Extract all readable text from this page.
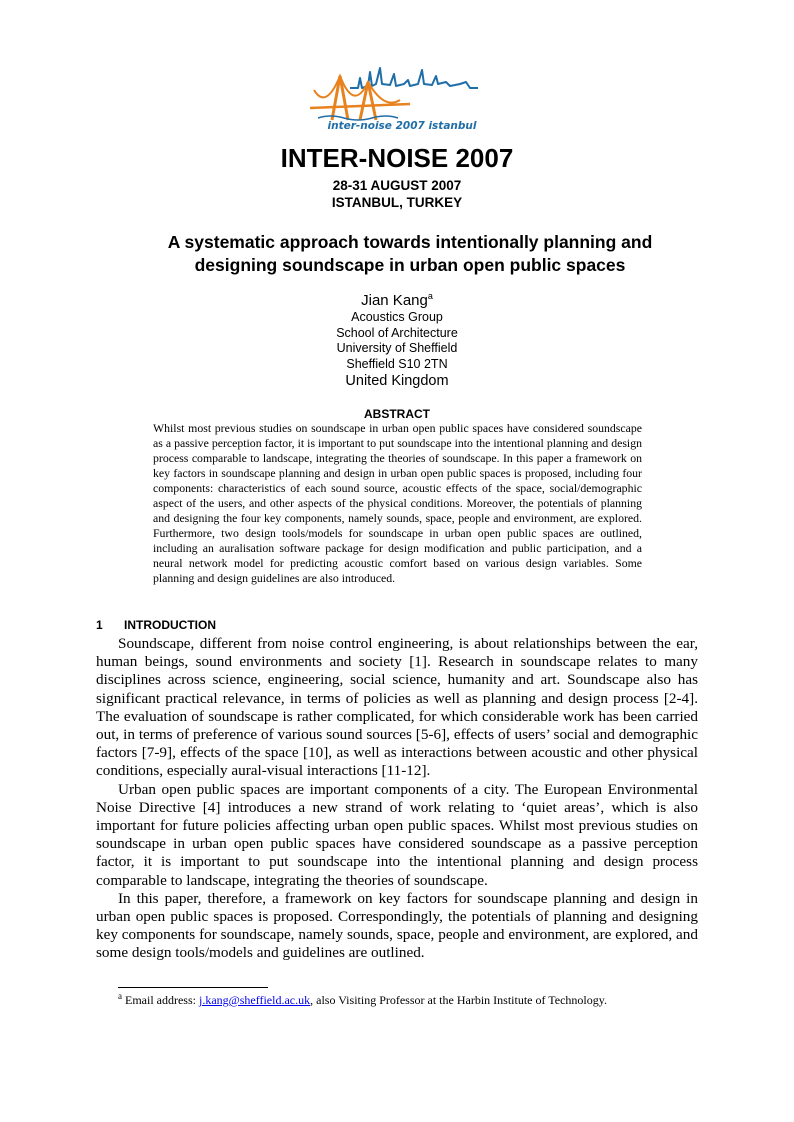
inter-noise 2007 istanbul
INTER-NOISE 2007
28-31 AUGUST 2007
ISTANBUL, TURKEY
A systematic approach towards intentionally planning and
designing soundscape in urban open public spaces
Jian Kang$^a$
Acoustics Group
School of Architecture
University of Sheffield
Sheffield S10 2TN
United Kingdom
ABSTRACT
Whilst most previous studies on soundscape in urban open public spaces have considered soundscape as a passive perception factor, it is important to put soundscape into the intentional planning and design process comparable to landscape, integrating the theories of soundscape. In this paper a framework on key factors in soundscape planning and design in urban open public spaces is proposed, including four components: characteristics of each sound source, acoustic effects of the space, social/demographic aspect of the users, and other aspects of the physical conditions. Moreover, the potentials of planning and designing the four key components, namely sounds, space, people and environment, are explored. Furthermore, two design tools/models for soundscape in urban open public spaces are outlined, including an auralisation software package for design modification and public participation, and a neural network model for predicting acoustic comfort based on various design variables. Some planning and design guidelines are also introduced.
1 INTRODUCTION

Soundscape, different from noise control engineering, is about relationships between the ear, human beings, sound environments and society [1]. Research in soundscape relates to many disciplines across science, engineering, social science, humanity and art. Soundscape also has significant practical relevance, in terms of policies as well as planning and design process [2-4]. The evaluation of soundscape is rather complicated, for which considerable work has been carried out, in terms of preference of various sound sources [5-6], effects of users’ social and demographic factors [7-9], effects of the space [10], as well as interactions between acoustic and other physical conditions, especially aural-visual interactions [11-12].

Urban open public spaces are important components of a city. The European Environmental Noise Directive [4] introduces a new strand of work relating to ‘quiet areas’, which is also important for future policies affecting urban open public spaces. Whilst most previous studies on soundscape in urban open public spaces have considered soundscape as a passive perception factor, it is important to put soundscape into the intentional planning and design process comparable to landscape, integrating the theories of soundscape.

In this paper, therefore, a framework on key factors for soundscape planning and design in urban open public spaces is proposed. Correspondingly, the potentials of planning and designing key components for soundscape, namely sounds, space, people and environment, are explored, and some design tools/models and guidelines are outlined.

$^a$ Email address: j.kang@sheffield.ac.uk, also Visiting Professor at the Harbin Institute of Technology.
